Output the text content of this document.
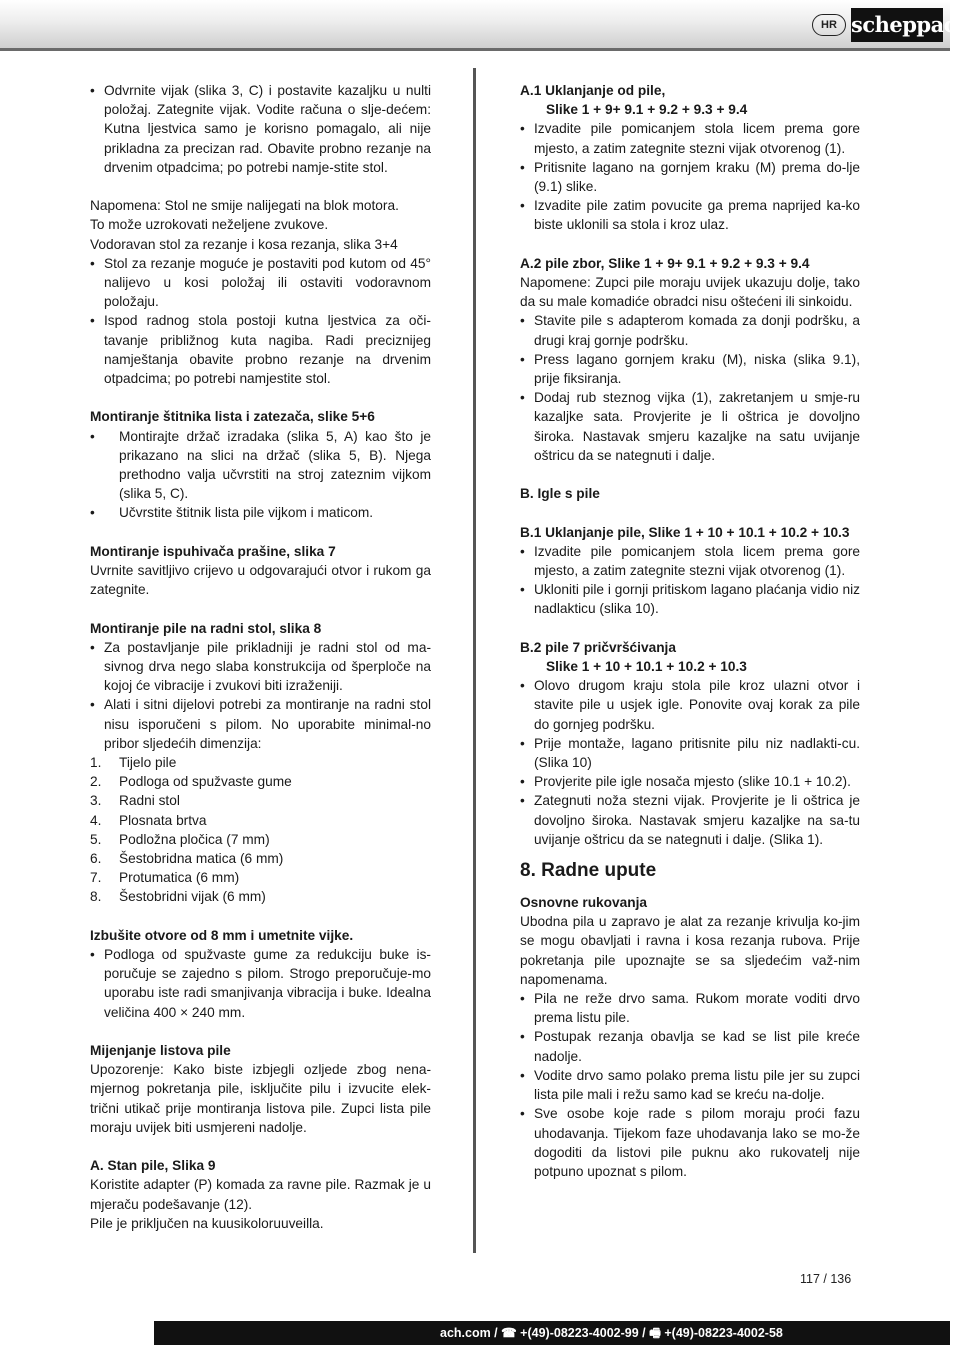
HR scheppach
• Odvrnite vijak (slika 3, C) i postavite kazaljku u nulti položaj. Zategnite vijak. Vodite računa o slje-dećem: Kutna ljestvica samo je korisno pomagalo, ali nije prikladna za precizan rad. Obavite probno rezanje na drvenim otpadcima; po potrebi namje-stite stol.

Napomena: Stol ne smije nalijegati na blok motora.

To može uzrokovati neželjene zvukove.

Vodoravan stol za rezanje i kosa rezanja, slika 3+4

• Stol za rezanje moguće je postaviti pod kutom od 45° nalijevo u kosi položaj ili ostaviti vodoravnom položaju.
• Ispod radnog stola postoji kutna ljestvica za oči-tavanje približnog kuta nagiba. Radi preciznijeg namještanja obavite probno rezanje na drvenim otpadcima; po potrebi namjestite stol.

Montiranje štitnika lista i zatezača, slike 5+6

• Montirajte držač izradaka (slika 5, A) kao što je prikazano na slici na držač (slika 5, B). Njega prethodno valja učvrstiti na stroj zateznim vijkom (slika 5, C).
• Učvrstite štitnik lista pile vijkom i maticom.

Montiranje ispuhivača prašine, slika 7

Uvrnite savitljivo crijevo u odgovarajući otvor i rukom ga zategnite.

Montiranje pile na radni stol, slika 8

• Za postavljanje pile prikladniji je radni stol od ma-sivnog drva nego slaba konstrukcija od šperploče na kojoj će vibracije i zvukovi biti izraženiji.
• Alati i sitni dijelovi potrebi za montiranje na radni stol nisu isporučeni s pilom. No uporabite minimal-no pribor sljedećih dimenzija:
1. Tijelo pile
2. Podloga od spužvaste gume
3. Radni stol
4. Plosnata brtva
5. Podložna pločica (7 mm)
6. Šestobridna matica (6 mm)
7. Protumatica (6 mm)
8. Šestobridni vijak (6 mm)

Izbušite otvore od 8 mm i umetnite vijke.

• Podloga od spužvaste gume za redukciju buke is-poručuje se zajedno s pilom. Strogo preporučuje-mo uporabu iste radi smanjivanja vibracija i buke. Idealna veličina 400 × 240 mm.

Mijenjanje listova pile

Upozorenje: Kako biste izbjegli ozljede zbog nena-mjernog pokretanja pile, isključite pilu i izvucite elek-trični utikač prije montiranja listova pile. Zupci lista pile moraju uvijek biti usmjereni nadolje.

A. Stan pile, Slika 9

Koristite adapter (P) komada za ravne pile. Razmak je u mjeraču podešavanje (12).

Pile je priključen na kuusikoloruuveilla.

A.1 Uklanjanje od pile,

Slike 1 + 9+ 9.1 + 9.2 + 9.3 + 9.4

• Izvadite pile pomicanjem stola licem prema gore mjesto, a zatim zategnite stezni vijak otvorenog (1).
• Pritisnite lagano na gornjem kraku (M) prema do-lje (9.1) slike.
• Izvadite pile zatim povucite ga prema naprijed ka-ko biste uklonili sa stola i kroz ulaz.

A.2 pile zbor, Slike 1 + 9+ 9.1 + 9.2 + 9.3 + 9.4

Napomene: Zupci pile moraju uvijek ukazuju dolje, tako da su male komadiće obradci nisu oštećeni ili sinkoidu.

• Stavite pile s adapterom komada za donji podršku, a drugi kraj gornje podršku.
• Press lagano gornjem kraku (M), niska (slika 9.1), prije fiksiranja.
• Dodaj rub steznog vijka (1), zakretanjem u smje-ru kazaljke sata. Provjerite je li oštrica je dovoljno široka. Nastavak smjeru kazaljke na satu uvijanje oštricu da se nategnuti i dalje.

B. Igle s pile

B.1 Uklanjanje pile, Slike 1 + 10 + 10.1 + 10.2 + 10.3

• Izvadite pile pomicanjem stola licem prema gore mjesto, a zatim zategnite stezni vijak otvorenog (1).
• Ukloniti pile i gornji pritiskom lagano plaćanja vidio niz nadlakticu (slika 10).

B.2 pile 7 pričvršćivanja

Slike 1 + 10 + 10.1 + 10.2 + 10.3

• Olovo drugom kraju stola pile kroz ulazni otvor i stavite pile u usjek igle. Ponovite ovaj korak za pile do gornjeg podršku.
• Prije montaže, lagano pritisnite pilu niz nadlakti-cu. (Slika 10)
• Provjerite pile igle nosača mjesto (slike 10.1 + 10.2).
• Zategnuti noža stezni vijak. Provjerite je li oštrica je dovoljno široka. Nastavak smjeru kazaljke na sa-tu uvijanje oštricu da se nategnuti i dalje. (Slika 1).
8. Radne upute

Osnovne rukovanja

Ubodna pila u zapravo je alat za rezanje krivulja ko-jim se mogu obavljati i ravna i kosa rezanja rubova. Prije pokretanja pile upoznajte se sa sljedećim važ-nim napomenama.

• Pila ne reže drvo sama. Rukom morate voditi drvo prema listu pile.
• Postupak rezanja obavlja se kad se list pile kreće nadolje.
• Vodite drvo samo polako prema listu pile jer su zupci lista pile mali i režu samo kad se kreću na-dolje.
• Sve osobe koje rade s pilom moraju proći fazu uhodavanja. Tijekom faze uhodavanja lako se mo-že dogoditi da listovi pile puknu ako rukovatelj nije potpuno upoznat s pilom.
117 / 136
ach.com / ☎ +(49)-08223-4002-99 / 🖷 +(49)-08223-4002-58
